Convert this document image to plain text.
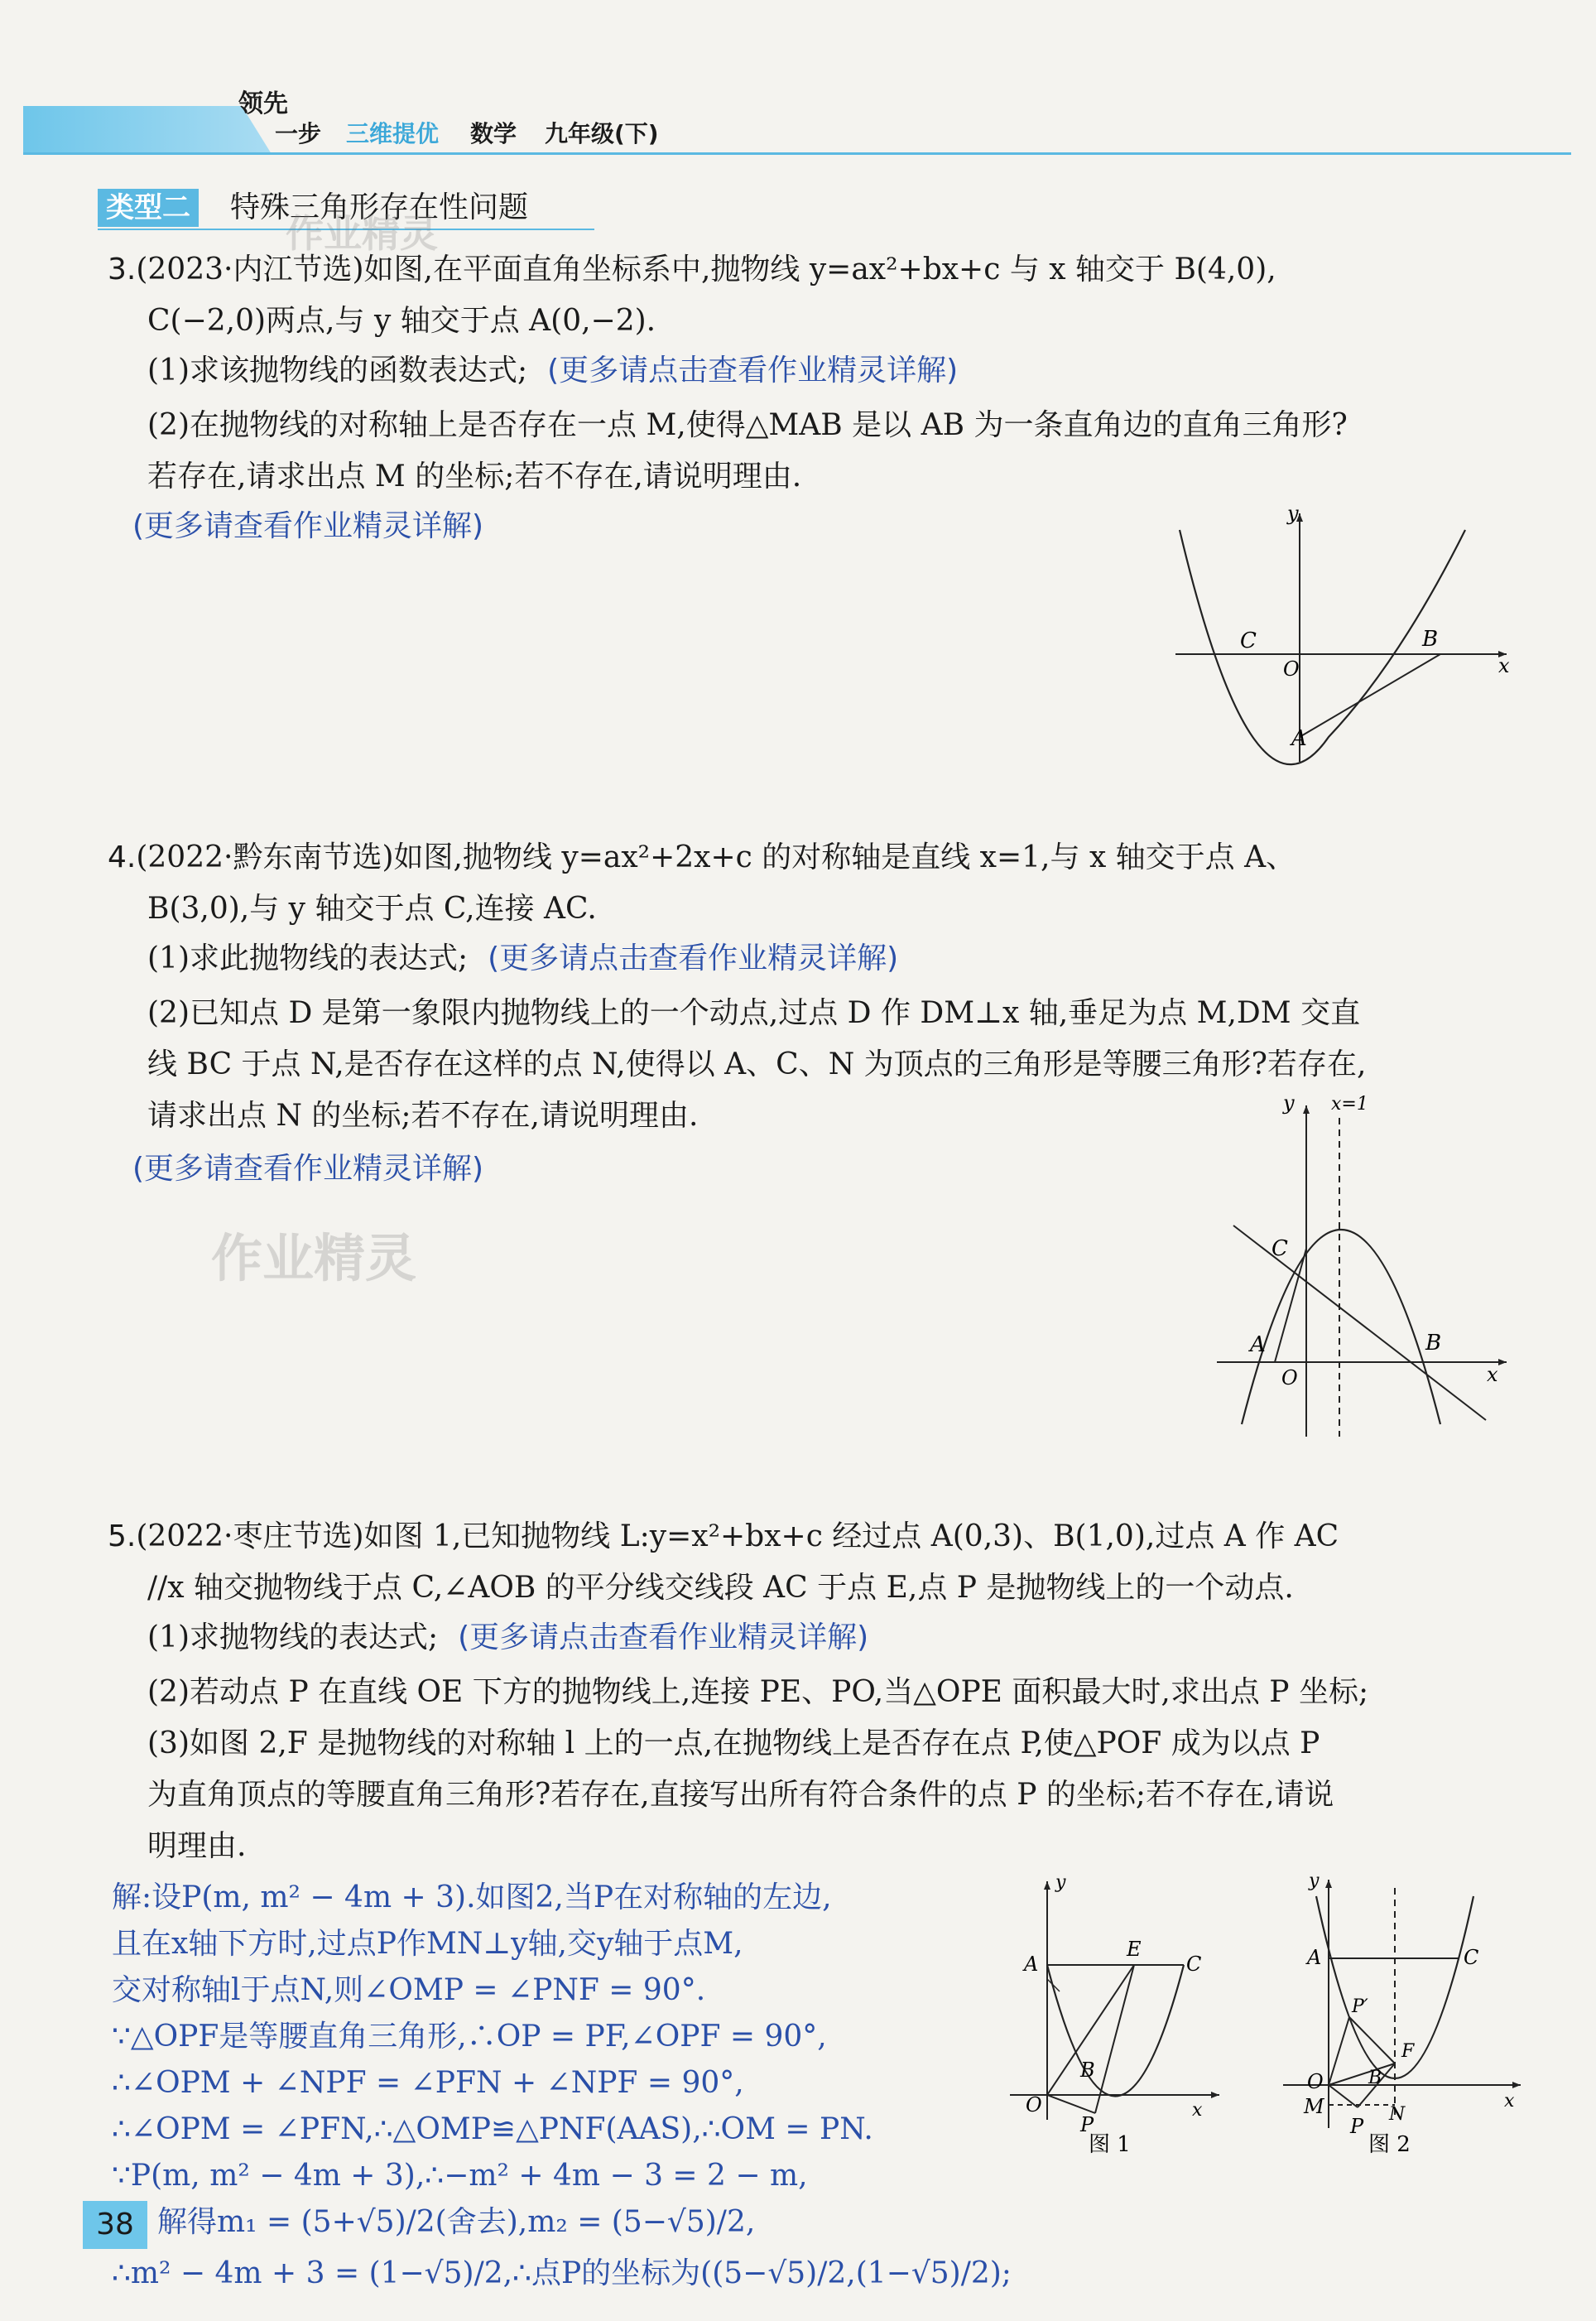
领先
一步 三维提优 数学 九年级(下)
类型二 特殊三角形存在性问题
作业精灵
作业精灵
3.(2023·内江节选)如图,在平面直角坐标系中,抛物线 y=ax²+bx+c 与 x 轴交于 B(4,0),
C(−2,0)两点,与 y 轴交于点 A(0,−2).
(1)求该抛物线的函数表达式; (更多请点击查看作业精灵详解)
(2)在抛物线的对称轴上是否存在一点 M,使得△MAB 是以 AB 为一条直角边的直角三角形?
若存在,请求出点 M 的坐标;若不存在,请说明理由.
(更多请查看作业精灵详解)	y
x
C	B
O
A
4.(2022·黔东南节选)如图,抛物线 y=ax²+2x+c 的对称轴是直线 x=1,与 x 轴交于点 A、
B(3,0),与 y 轴交于点 C,连接 AC.
(1)求此抛物线的表达式; (更多请点击查看作业精灵详解)
(2)已知点 D 是第一象限内抛物线上的一个动点,过点 D 作 DM⊥x 轴,垂足为点 M,DM 交直
线 BC 于点 N,是否存在这样的点 N,使得以 A、C、N 为顶点的三角形是等腰三角形?若存在,
请求出点 N 的坐标;若不存在,请说明理由.
(更多请查看作业精灵详解)
y x=1
C
A	B
O	x
5.(2022·枣庄节选)如图 1,已知抛物线 L:y=x²+bx+c 经过点 A(0,3)、B(1,0),过点 A 作 AC
//x 轴交抛物线于点 C,∠AOB 的平分线交线段 AC 于点 E,点 P 是抛物线上的一个动点.
(1)求抛物线的表达式; (更多请点击查看作业精灵详解)
(2)若动点 P 在直线 OE 下方的抛物线上,连接 PE、PO,当△OPE 面积最大时,求出点 P 坐标;
(3)如图 2,F 是抛物线的对称轴 l 上的一点,在抛物线上是否存在点 P,使△POF 成为以点 P
为直角顶点的等腰直角三角形?若存在,直接写出所有符合条件的点 P 的坐标;若不存在,请说
明理由.
解:设P(m, m² − 4m + 3).如图2,当P在对称轴的左边,
且在x轴下方时,过点P作MN⊥y轴,交y轴于点M,
交对称轴l于点N,则∠OMP = ∠PNF = 90°.
∵△OPF是等腰直角三角形,∴OP = PF,∠OPF = 90°,
∴∠OPM + ∠NPF = ∠PFN + ∠NPF = 90°,
∴∠OPM = ∠PFN,∴△OMP≌△PNF(AAS),∴OM = PN.
∵P(m, m² − 4m + 3),∴−m² + 4m − 3 = 2 − m,
解得m₁ = (5+√5)/2(舍去),m₂ = (5−√5)/2,
∴m² − 4m + 3 = (1−√5)/2,∴点P的坐标为((5−√5)/2,(1−√5)/2);
y
A
E
C
B
O
P
x
图 1
y
A	C
P′
F
O B
M	N
P
x
图 2
38
